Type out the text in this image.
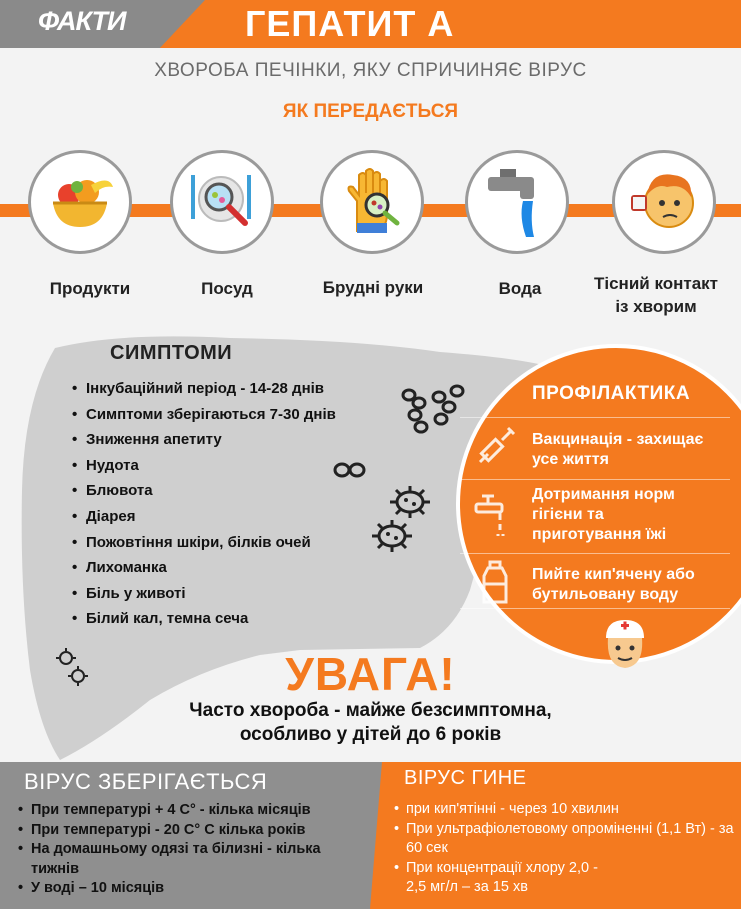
ФАКТИ	ГЕПАТИТ А
ХВОРОБА ПЕЧІНКИ, ЯКУ СПРИЧИНЯЄ ВІРУС
ЯК ПЕРЕДАЄТЬСЯ
Продукти	Посуд	Брудні руки	Вода	Тісний контакт
із хворим
СИМПТОМИ
• Інкубаційний період - 14-28 днів
• Симптоми зберігаються 7-30 днів
• Зниження апетиту
• Нудота
• Блювота
• Діарея
• Пожовтіння шкіри, білків очей
• Лихоманка
• Біль у животі
• Білий кал, темна сеча
ПРОФІЛАКТИКА
Вакцинація - захищає
усе життя
Дотримання норм
гігієни та
приготування їжі
Пийте кип'ячену або
бутильовану воду
УВАГА!
Часто хвороба - майже безсимптомна,
особливо у дітей до 6 років
ВІРУС ЗБЕРІГАЄТЬСЯ
• При температурі + 4 С° - кілька місяців
• При температурі - 20 С° С кілька років
• На домашньому одязі та білизні - кілька тижнів
• У воді – 10 місяців
ВІРУС ГИНЕ
• при кип'ятінні - через 10 хвилин
• При ультрафіолетовому опроміненні (1,1 Вт) - за 60 сек
• При концентрації хлору 2,0 - 2,5 мг/л – за 15 хв
